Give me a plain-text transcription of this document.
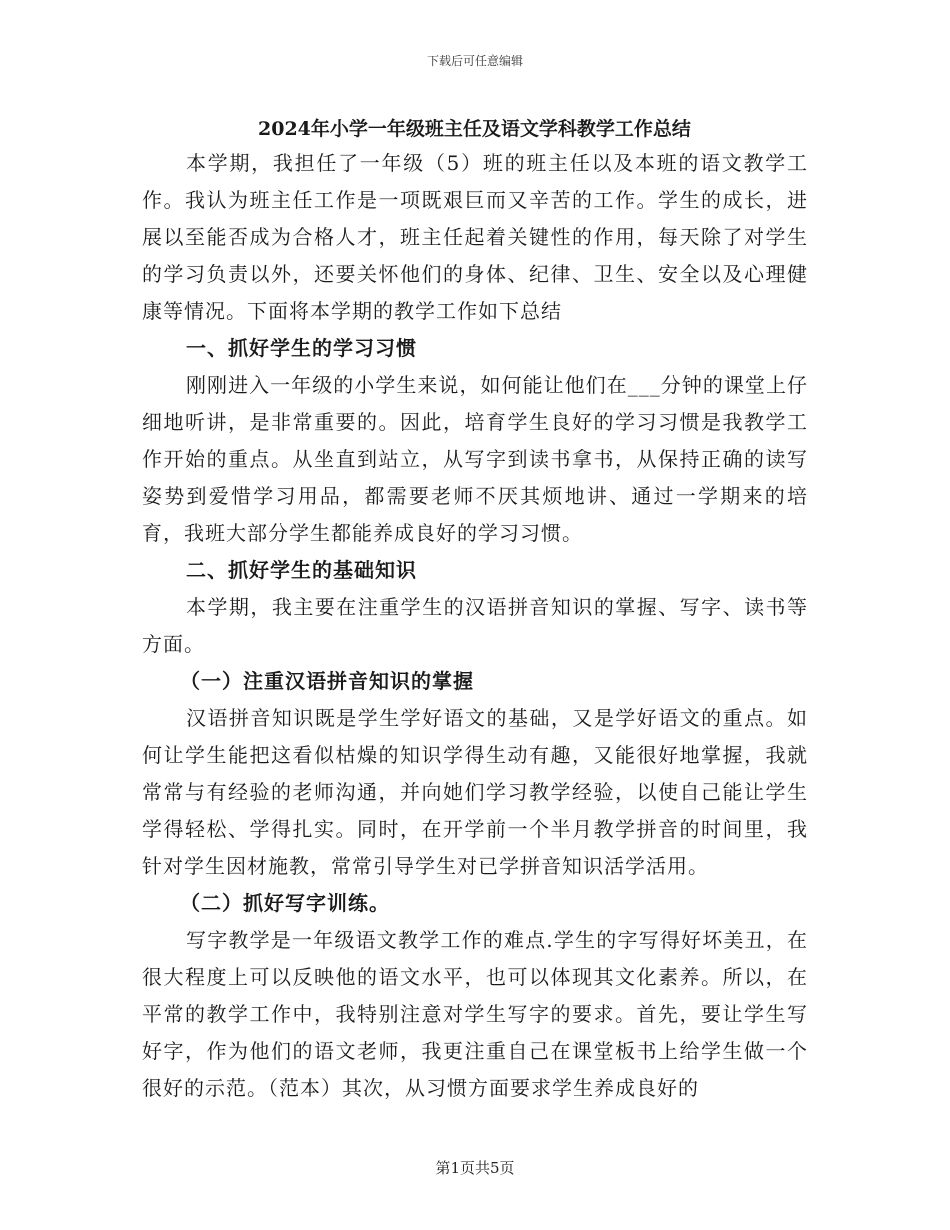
下载后可任意编辑
2024年小学一年级班主任及语文学科教学工作总结

本学期，我担任了一年级（5）班的班主任以及本班的语文教学工作。我认为班主任工作是一项既艰巨而又辛苦的工作。学生的成长，进展以至能否成为合格人才，班主任起着关键性的作用，每天除了对学生的学习负责以外，还要关怀他们的身体、纪律、卫生、安全以及心理健康等情况。下面将本学期的教学工作如下总结

一、抓好学生的学习习惯

刚刚进入一年级的小学生来说，如何能让他们在___分钟的课堂上仔细地听讲，是非常重要的。因此，培育学生良好的学习习惯是我教学工作开始的重点。从坐直到站立，从写字到读书拿书，从保持正确的读写姿势到爱惜学习用品，都需要老师不厌其烦地讲、通过一学期来的培育，我班大部分学生都能养成良好的学习习惯。

二、抓好学生的基础知识

本学期，我主要在注重学生的汉语拼音知识的掌握、写字、读书等方面。

（一）注重汉语拼音知识的掌握

汉语拼音知识既是学生学好语文的基础，又是学好语文的重点。如何让学生能把这看似枯燥的知识学得生动有趣，又能很好地掌握，我就常常与有经验的老师沟通，并向她们学习教学经验，以使自己能让学生学得轻松、学得扎实。同时，在开学前一个半月教学拼音的时间里，我针对学生因材施教，常常引导学生对已学拼音知识活学活用。

（二）抓好写字训练。

写字教学是一年级语文教学工作的难点.学生的字写得好坏美丑，在很大程度上可以反映他的语文水平，也可以体现其文化素养。所以，在平常的教学工作中，我特别注意对学生写字的要求。首先，要让学生写好字，作为他们的语文老师，我更注重自己在课堂板书上给学生做一个很好的示范。（范本）其次，从习惯方面要求学生养成良好的

第1页共5页
